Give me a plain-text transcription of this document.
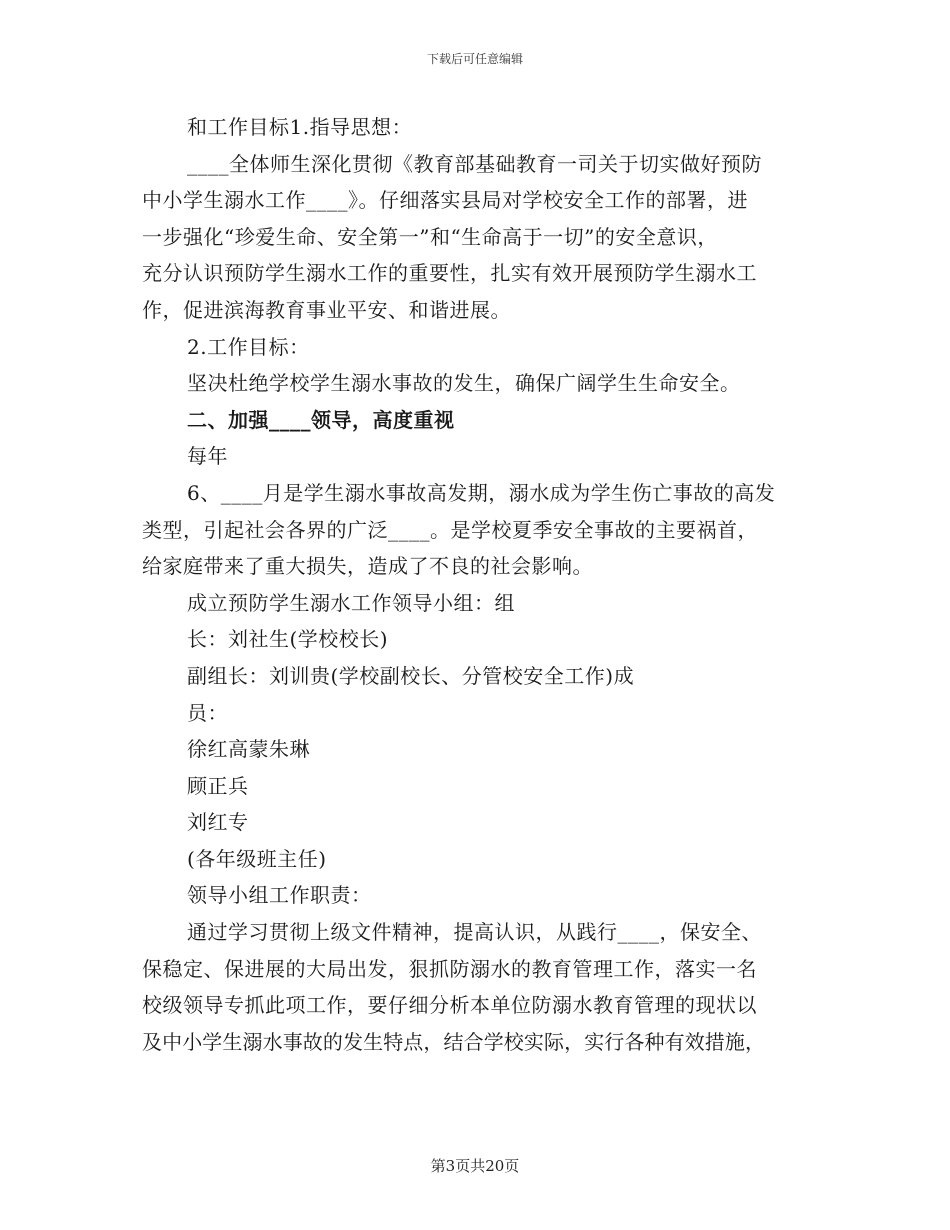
下载后可任意编辑
和工作目标1.指导思想：
____全体师生深化贯彻《教育部基础教育一司关于切实做好预防
中小学生溺水工作____》。仔细落实县局对学校安全工作的部署，进
一步强化“珍爱生命、安全第一”和“生命高于一切”的安全意识，
充分认识预防学生溺水工作的重要性，扎实有效开展预防学生溺水工
作，促进滨海教育事业平安、和谐进展。
2.工作目标：
坚决杜绝学校学生溺水事故的发生，确保广阔学生生命安全。
二、加强____领导，高度重视
每年
6、____月是学生溺水事故高发期，溺水成为学生伤亡事故的高发
类型，引起社会各界的广泛____。是学校夏季安全事故的主要祸首，
给家庭带来了重大损失，造成了不良的社会影响。
成立预防学生溺水工作领导小组：组
长：刘社生(学校校长)
副组长：刘训贵(学校副校长、分管校安全工作)成
员：
徐红高蒙朱琳
顾正兵
刘红专
(各年级班主任)
领导小组工作职责：
通过学习贯彻上级文件精神，提高认识，从践行____，保安全、
保稳定、保进展的大局出发，狠抓防溺水的教育管理工作，落实一名
校级领导专抓此项工作，要仔细分析本单位防溺水教育管理的现状以
及中小学生溺水事故的发生特点，结合学校实际，实行各种有效措施，
第3页共20页
